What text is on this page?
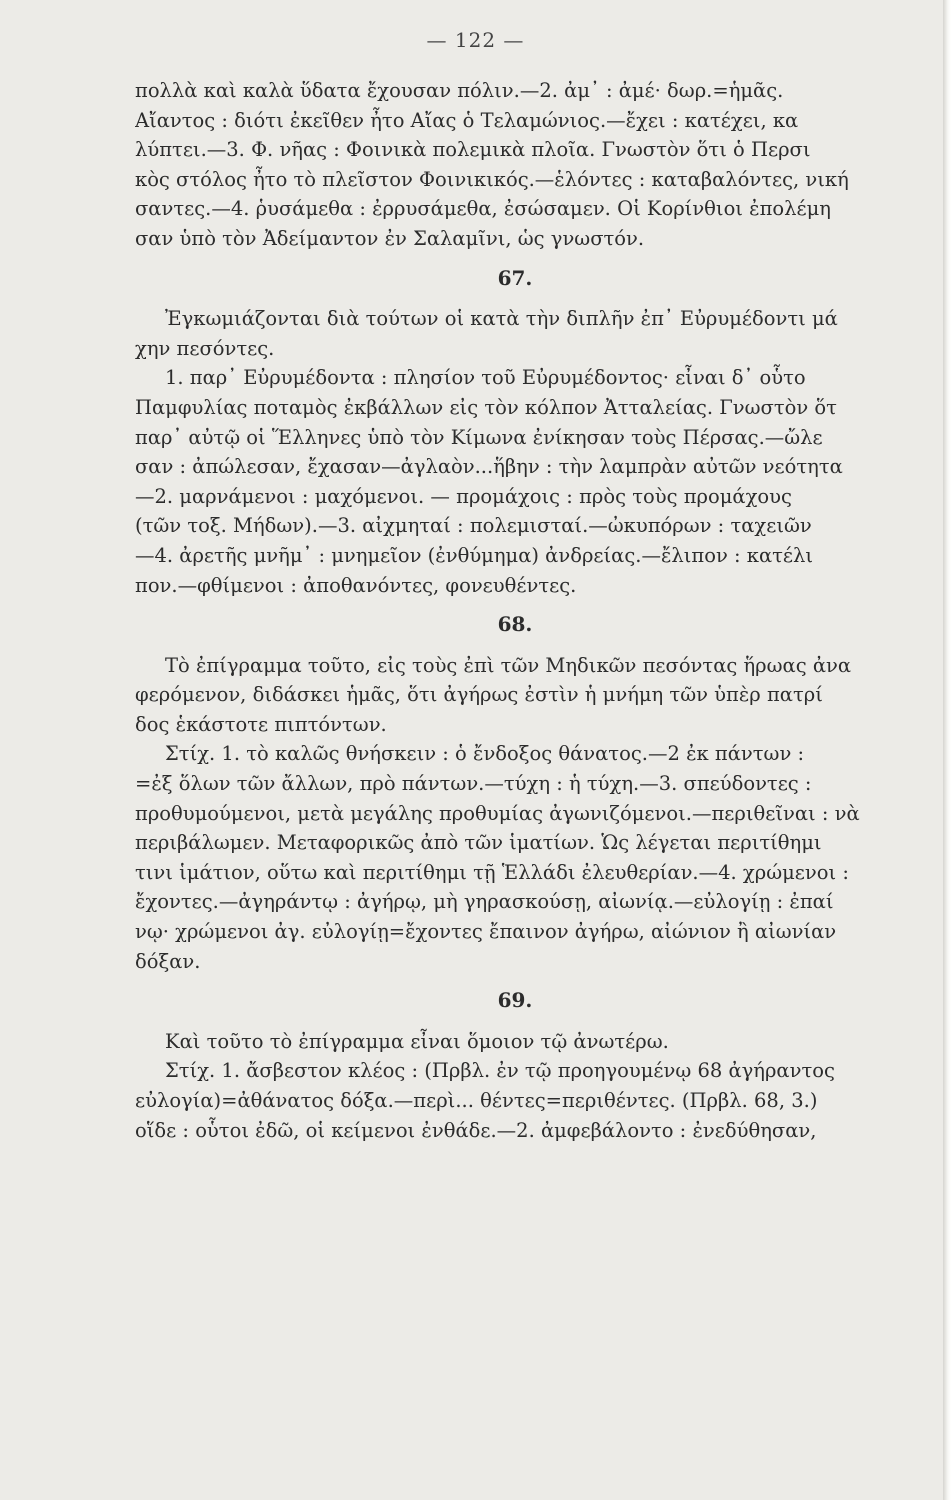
— 122 —
πολλὰ καὶ καλὰ ὕδατα ἔχουσαν πόλιν.—2. ἀμ᾽ : ἀμέ· δωρ.=ἡμᾶς.
Αἴαντος : διότι ἐκεῖθεν ἦτο Αἴας ὁ Τελαμώνιος.—ἔχει : κατέχει, κα
λύπτει.—3. Φ. νῆας : Φοινικὰ πολεμικὰ πλοῖα. Γνωστὸν ὅτι ὁ Περσι
κὸς στόλος ἦτο τὸ πλεῖστον Φοινικικός.—ἑλόντες : καταβαλόντες, νική
σαντες.—4. ῥυσάμεθα : ἐρρυσάμεθα, ἐσώσαμεν. Οἱ Κορίνθιοι ἐπολέμη
σαν ὑπὸ τὸν Ἀδείμαντον ἐν Σαλαμῖνι, ὡς γνωστόν.
67.
Ἐγκωμιάζονται διὰ τούτων οἱ κατὰ τὴν διπλῆν ἐπ᾽ Εὐρυμέδοντι μά
χην πεσόντες.
1. παρ᾽ Εὐρυμέδοντα : πλησίον τοῦ Εὐρυμέδοντος· εἶναι δ᾽ οὗτο
Παμφυλίας ποταμὸς ἐκβάλλων εἰς τὸν κόλπον Ἀτταλείας. Γνωστὸν ὅτ
παρ᾽ αὐτῷ οἱ Ἕλληνες ὑπὸ τὸν Κίμωνα ἐνίκησαν τοὺς Πέρσας.—ὤλε
σαν : ἀπώλεσαν, ἔχασαν—ἀγλαὸν...ἥβην : τὴν λαμπρὰν αὐτῶν νεότητα
—2. μαρνάμενοι : μαχόμενοι. — προμάχοις : πρὸς τοὺς προμάχους
(τῶν τοξ. Μήδων).—3. αἰχμηταί : πολεμισταί.—ὠκυπόρων : ταχειῶν
—4. ἀρετῆς μνῆμ᾽ : μνημεῖον (ἐνθύμημα) ἀνδρείας.—ἔλιπον : κατέλι
πον.—φθίμενοι : ἀποθανόντες, φονευθέντες.
68.
Τὸ ἐπίγραμμα τοῦτο, εἰς τοὺς ἐπὶ τῶν Μηδικῶν πεσόντας ἥρωας ἀνα
φερόμενον, διδάσκει ἡμᾶς, ὅτι ἀγήρως ἐστὶν ἡ μνήμη τῶν ὑπὲρ πατρί
δος ἑκάστοτε πιπτόντων.
Στίχ. 1. τὸ καλῶς θνήσκειν : ὁ ἔνδοξος θάνατος.—2 ἐκ πάντων :
=ἐξ ὅλων τῶν ἄλλων, πρὸ πάντων.—τύχη : ἡ τύχη.—3. σπεύδοντες :
προθυμούμενοι, μετὰ μεγάλης προθυμίας ἀγωνιζόμενοι.—περιθεῖναι : νὰ
περιβάλωμεν. Μεταφορικῶς ἀπὸ τῶν ἱματίων. Ὡς λέγεται περιτίθημι
τινι ἱμάτιον, οὕτω καὶ περιτίθημι τῇ Ἑλλάδι ἐλευθερίαν.—4. χρώμενοι :
ἔχοντες.—ἀγηράντῳ : ἀγήρῳ, μὴ γηρασκούσῃ, αἰωνίᾳ.—εὐλογίῃ : ἐπαί
νῳ· χρώμενοι ἀγ. εὐλογίῃ=ἔχοντες ἔπαινον ἀγήρω, αἰώνιον ἢ αἰωνίαν
δόξαν.
69.
Καὶ τοῦτο τὸ ἐπίγραμμα εἶναι ὅμοιον τῷ ἀνωτέρω.
Στίχ. 1. ἄσβεστον κλέος : (Πρβλ. ἐν τῷ προηγουμένῳ 68 ἀγήραντος
εὐλογία)=ἀθάνατος δόξα.—περὶ... θέντες=περιθέντες. (Πρβλ. 68, 3.)
οἵδε : οὗτοι ἐδῶ, οἱ κείμενοι ἐνθάδε.—2. ἀμφεβάλοντο : ἐνεδύθησαν,
